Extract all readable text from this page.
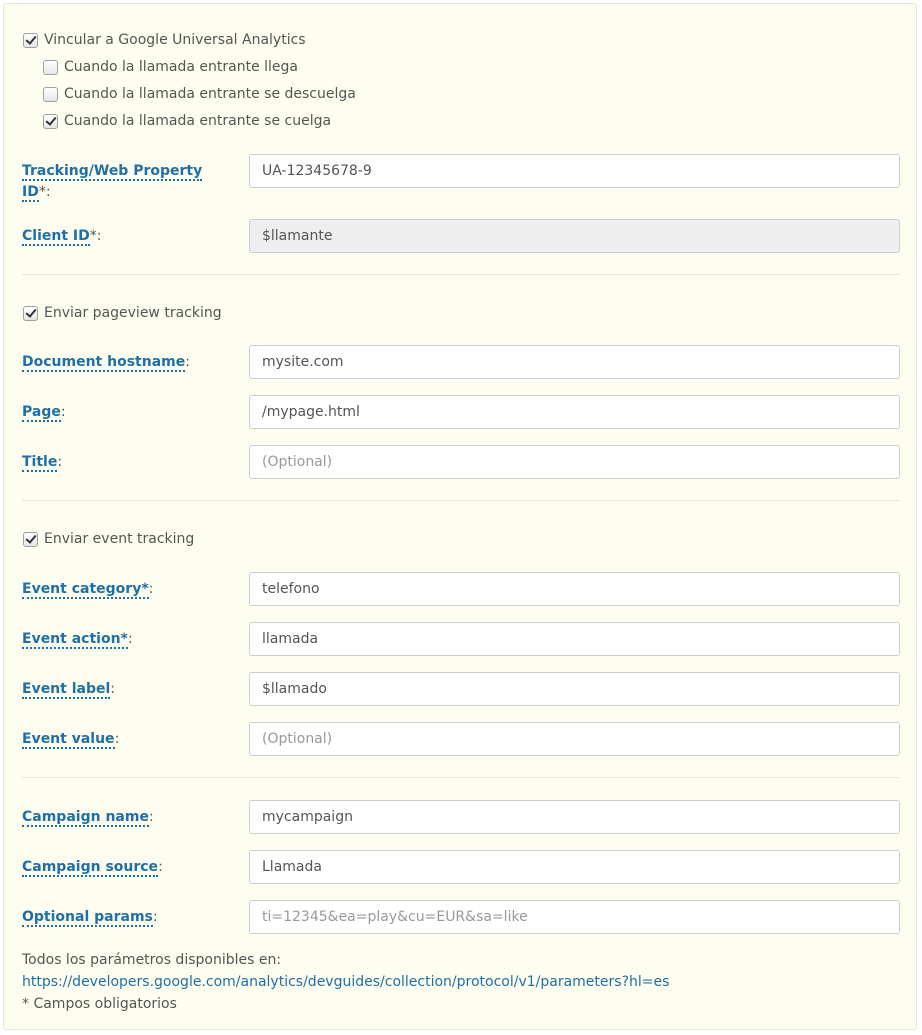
Vincular a Google Universal Analytics
Cuando la llamada entrante llega
Cuando la llamada entrante se descuelga
Cuando la llamada entrante se cuelga
Tracking/Web Property
ID*:
UA-12345678-9
Client ID*:
$llamante
Enviar pageview tracking
Document hostname:
mysite.com
Page:
/mypage.html
Title:
(Optional)
Enviar event tracking
Event category*:
telefono
Event action*:
llamada
Event label:
$llamado
Event value:
(Optional)
Campaign name:
mycampaign
Campaign source:
Llamada
Optional params:
ti=12345&ea=play&cu=EUR&sa=like
Todos los parámetros disponibles en:
https://developers.google.com/analytics/devguides/collection/protocol/v1/parameters?hl=es
* Campos obligatorios
